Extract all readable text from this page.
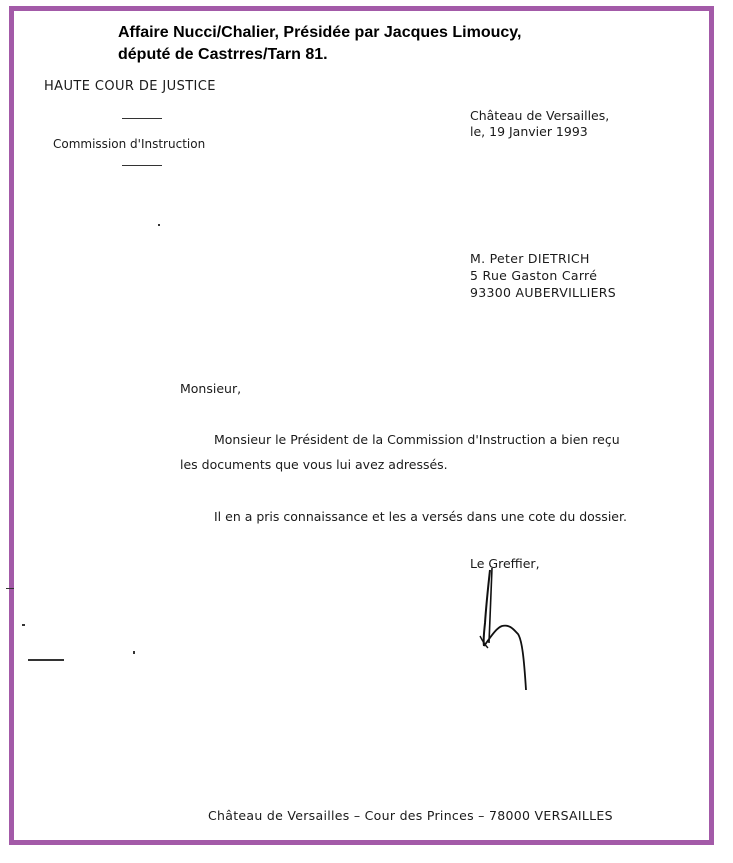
Affaire Nucci/Chalier, Présidée par Jacques Limoucy,
député de Castrres/Tarn 81.
HAUTE COUR DE JUSTICE
Commission d'Instruction
Château de Versailles,
le, 19 Janvier 1993
M. Peter DIETRICH
5 Rue Gaston Carré
93300 AUBERVILLIERS
Monsieur,
Monsieur le Président de la Commission d'Instruction a bien reçu
les documents que vous lui avez adressés.
Il en a pris connaissance et les a versés dans une cote du dossier.
Le Greffier,
Château de Versailles – Cour des Princes – 78000 VERSAILLES
